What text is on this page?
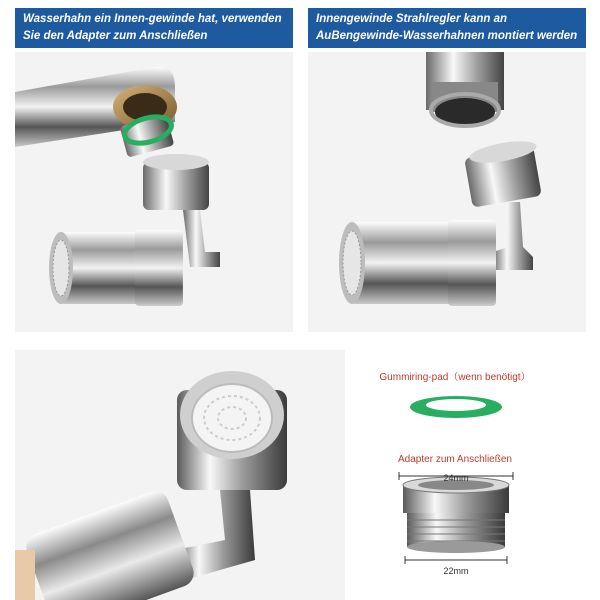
Wasserhahn ein Innen-gewinde hat, verwenden
Sie den Adapter zum Anschließen
Innengewinde Strahlregler kann an
AuBengewinde-Wasserhahnen montiert werden
Gummiring-pad（wenn benötigt）
Adapter zum Anschließen
24mm
22mm
